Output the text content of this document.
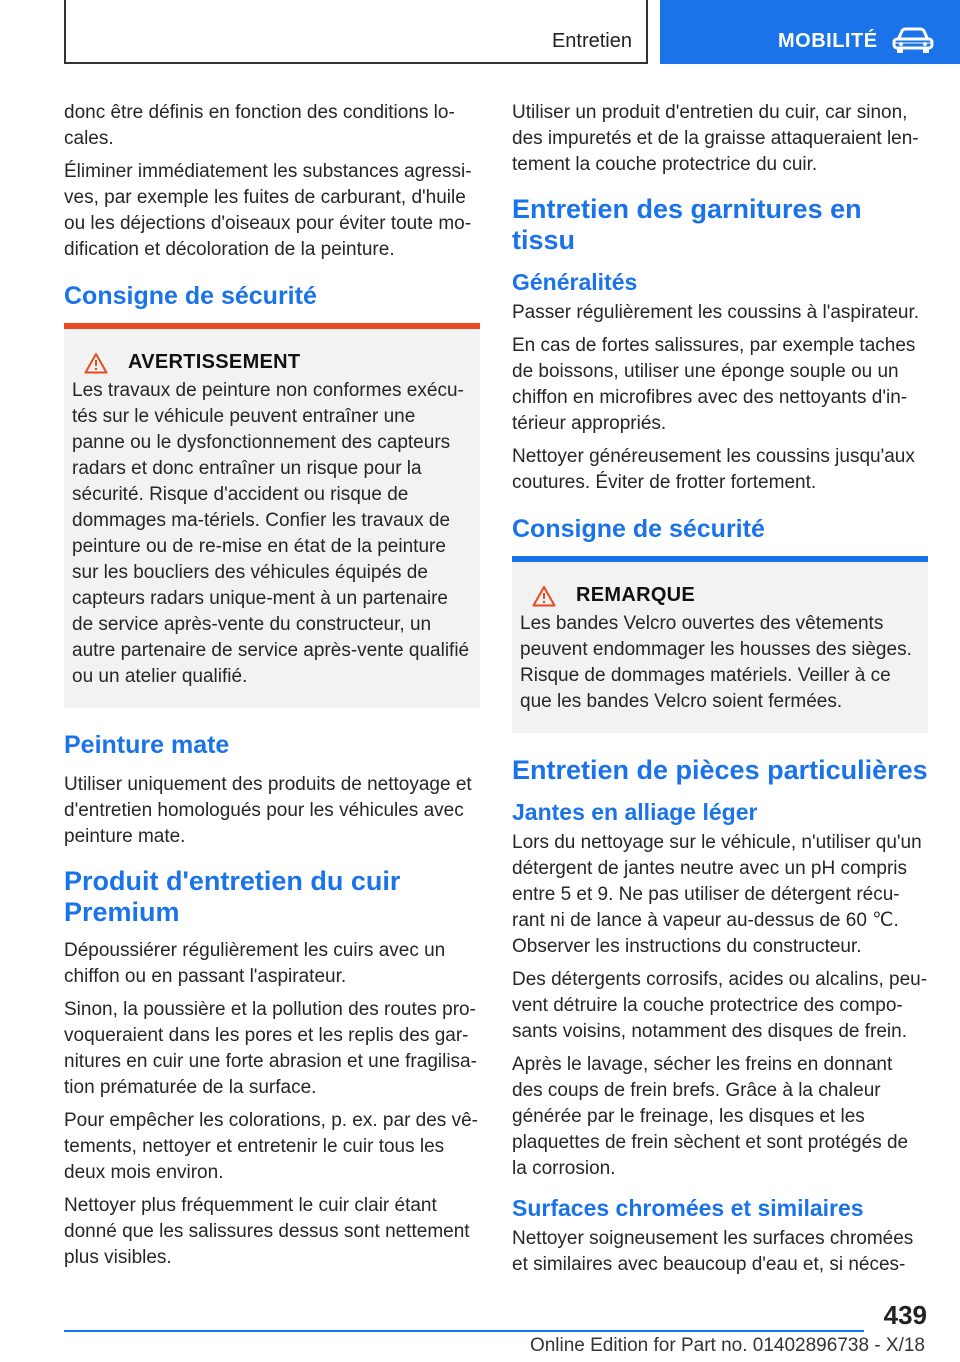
Entretien	MOBILITÉ

donc être définis en fonction des conditions lo-cales.

Éliminer immédiatement les substances agressi-ves, par exemple les fuites de carburant, d'huile ou les déjections d'oiseaux pour éviter toute mo-dification et décoloration de la peinture.

Consigne de sécurité
AVERTISSEMENT

Les travaux de peinture non conformes exécu-tés sur le véhicule peuvent entraîner une panne ou le dysfonctionnement des capteurs radars et donc entraîner un risque pour la sécurité. Risque d'accident ou risque de dommages ma-tériels. Confier les travaux de peinture ou de re-mise en état de la peinture sur les boucliers des véhicules équipés de capteurs radars unique-ment à un partenaire de service après-vente du constructeur, un autre partenaire de service après-vente qualifié ou un atelier qualifié.

Peinture mate

Utiliser uniquement des produits de nettoyage et d'entretien homologués pour les véhicules avec peinture mate.

Produit d'entretien du cuir Premium

Dépoussiérer régulièrement les cuirs avec un chiffon ou en passant l'aspirateur.

Sinon, la poussière et la pollution des routes pro-voqueraient dans les pores et les replis des gar-nitures en cuir une forte abrasion et une fragilisa-tion prématurée de la surface.

Pour empêcher les colorations, p. ex. par des vê-tements, nettoyer et entretenir le cuir tous les deux mois environ.

Nettoyer plus fréquemment le cuir clair étant donné que les salissures dessus sont nettement plus visibles.

Utiliser un produit d'entretien du cuir, car sinon, des impuretés et de la graisse attaqueraient len-tement la couche protectrice du cuir.

Entretien des garnitures en tissu
Généralités

Passer régulièrement les coussins à l'aspirateur.

En cas de fortes salissures, par exemple taches de boissons, utiliser une éponge souple ou un chiffon en microfibres avec des nettoyants d'in-térieur appropriés.

Nettoyer généreusement les coussins jusqu'aux coutures. Éviter de frotter fortement.

Consigne de sécurité
REMARQUE

Les bandes Velcro ouvertes des vêtements peuvent endommager les housses des sièges. Risque de dommages matériels. Veiller à ce que les bandes Velcro soient fermées.

Entretien de pièces particulières
Jantes en alliage léger

Lors du nettoyage sur le véhicule, n'utiliser qu'un détergent de jantes neutre avec un pH compris entre 5 et 9. Ne pas utiliser de détergent récu-rant ni de lance à vapeur au-dessus de 60 ℃. Observer les instructions du constructeur.

Des détergents corrosifs, acides ou alcalins, peu-vent détruire la couche protectrice des compo-sants voisins, notamment des disques de frein.

Après le lavage, sécher les freins en donnant des coups de frein brefs. Grâce à la chaleur générée par le freinage, les disques et les plaquettes de frein sèchent et sont protégés de la corrosion.

Surfaces chromées et similaires

Nettoyer soigneusement les surfaces chromées et similaires avec beaucoup d'eau et, si néces-

439
Online Edition for Part no. 01402896738 - X/18
